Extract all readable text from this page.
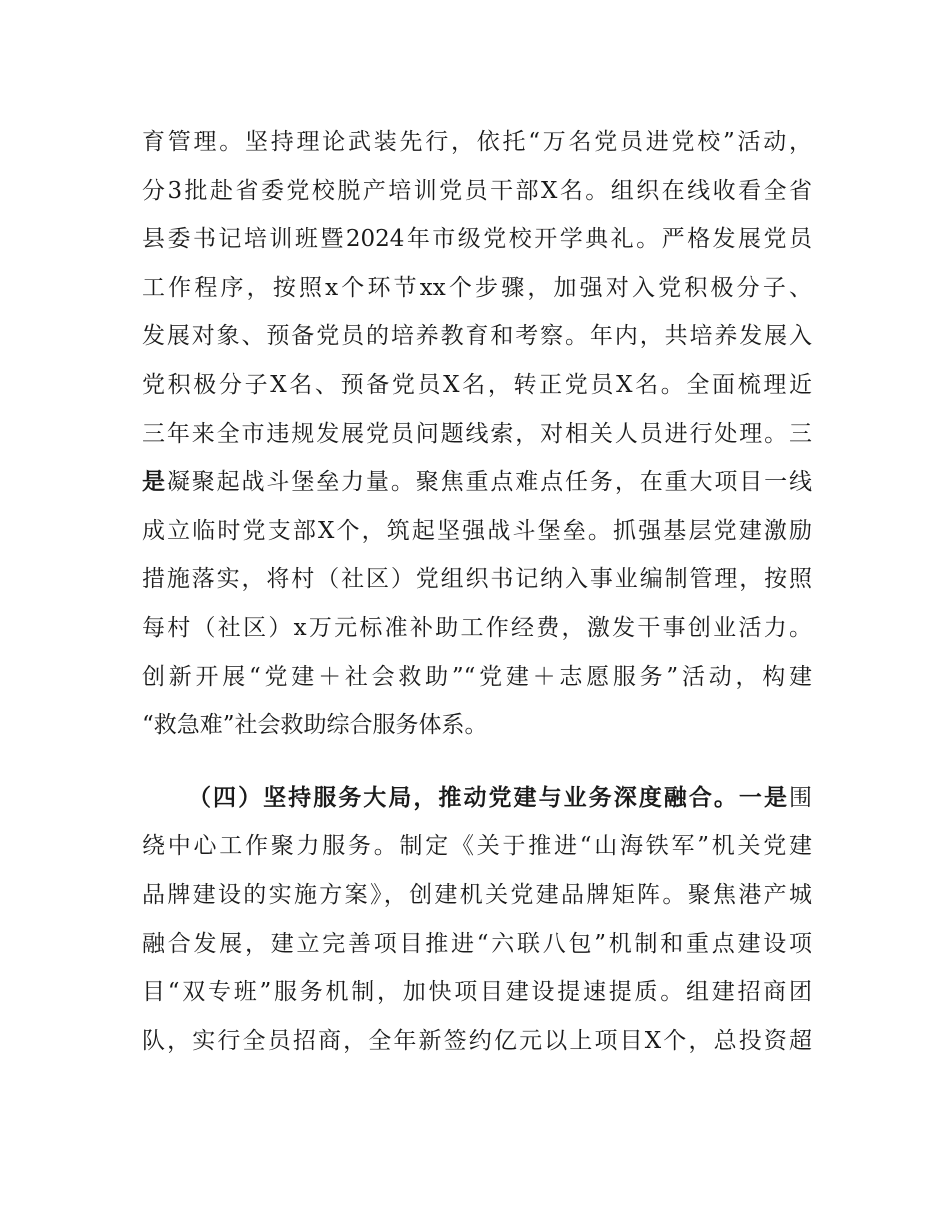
育管理。坚持理论武装先行，依托“万名党员进党校”活动，
分3批赴省委党校脱产培训党员干部X名。组织在线收看全省
县委书记培训班暨2024年市级党校开学典礼。严格发展党员
工作程序，按照x个环节xx个步骤，加强对入党积极分子、
发展对象、预备党员的培养教育和考察。年内，共培养发展入
党积极分子X名、预备党员X名，转正党员X名。全面梳理近
三年来全市违规发展党员问题线索，对相关人员进行处理。三
是凝聚起战斗堡垒力量。聚焦重点难点任务，在重大项目一线
成立临时党支部X个，筑起坚强战斗堡垒。抓强基层党建激励
措施落实，将村（社区）党组织书记纳入事业编制管理，按照
每村（社区）x万元标准补助工作经费，激发干事创业活力。
创新开展“党建＋社会救助”“党建＋志愿服务”活动，构建
“救急难”社会救助综合服务体系。
（四）坚持服务大局，推动党建与业务深度融合。一是围
绕中心工作聚力服务。制定《关于推进“山海铁军”机关党建
品牌建设的实施方案》，创建机关党建品牌矩阵。聚焦港产城
融合发展，建立完善项目推进“六联八包”机制和重点建设项
目“双专班”服务机制，加快项目建设提速提质。组建招商团
队，实行全员招商，全年新签约亿元以上项目X个，总投资超
